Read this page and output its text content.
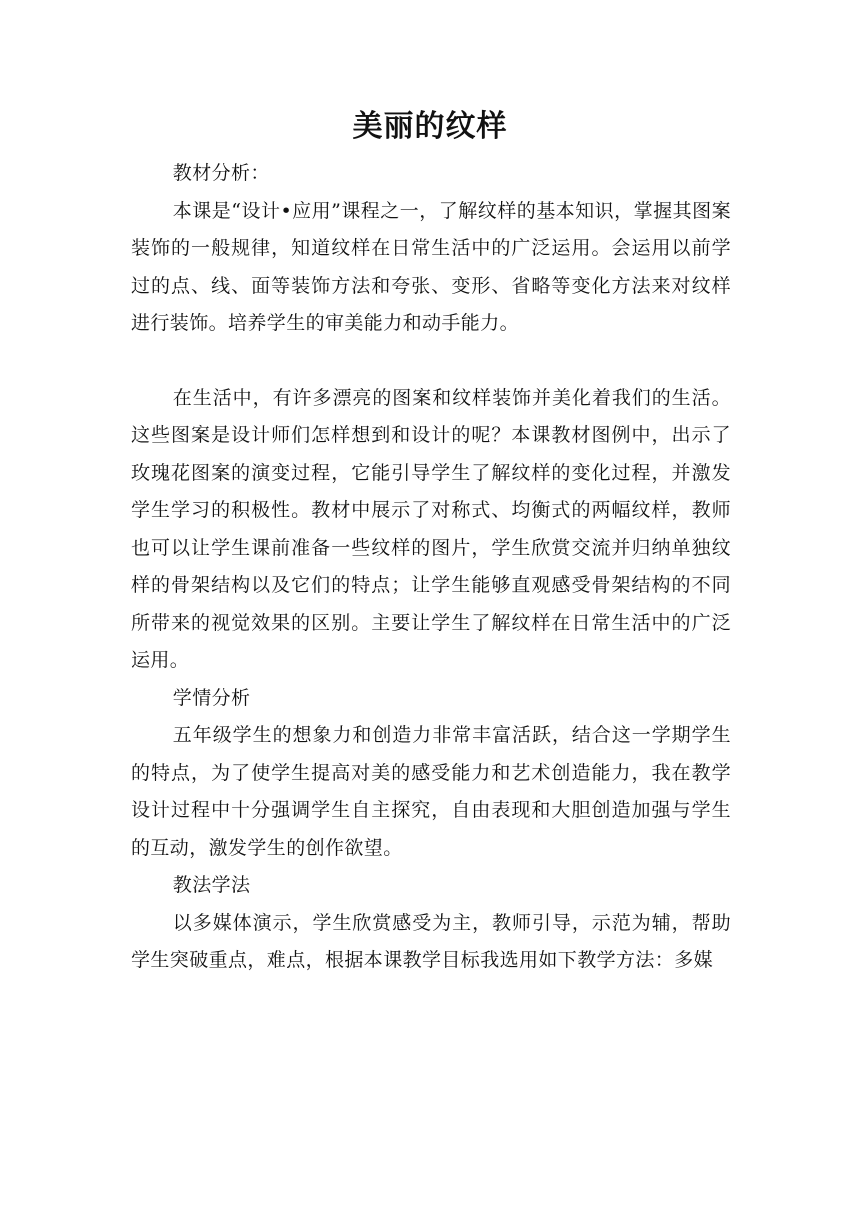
美丽的纹样

教材分析：

本课是“设计•应用”课程之一，了解纹样的基本知识，掌握其图案装饰的一般规律，知道纹样在日常生活中的广泛运用。会运用以前学过的点、线、面等装饰方法和夸张、变形、省略等变化方法来对纹样进行装饰。培养学生的审美能力和动手能力。

在生活中，有许多漂亮的图案和纹样装饰并美化着我们的生活。这些图案是设计师们怎样想到和设计的呢？本课教材图例中，出示了玫瑰花图案的演变过程，它能引导学生了解纹样的变化过程，并激发学生学习的积极性。教材中展示了对称式、均衡式的两幅纹样，教师也可以让学生课前准备一些纹样的图片，学生欣赏交流并归纳单独纹样的骨架结构以及它们的特点；让学生能够直观感受骨架结构的不同所带来的视觉效果的区别。主要让学生了解纹样在日常生活中的广泛运用。

学情分析

五年级学生的想象力和创造力非常丰富活跃，结合这一学期学生的特点，为了使学生提高对美的感受能力和艺术创造能力，我在教学设计过程中十分强调学生自主探究，自由表现和大胆创造加强与学生的互动，激发学生的创作欲望。

教法学法

以多媒体演示，学生欣赏感受为主，教师引导，示范为辅，帮助学生突破重点，难点，根据本课教学目标我选用如下教学方法：多媒
